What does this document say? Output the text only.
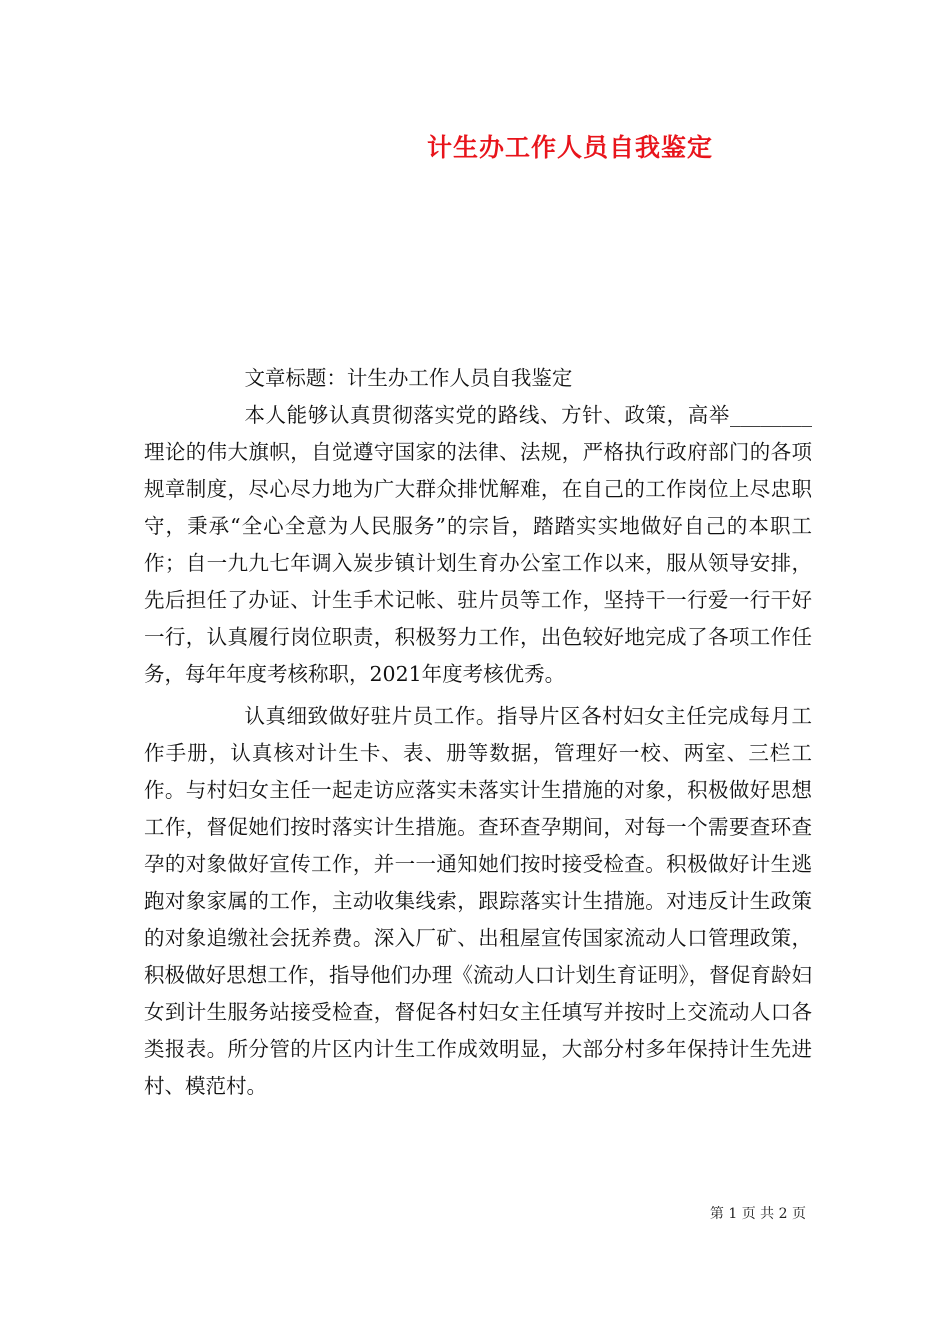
计生办工作人员自我鉴定

文章标题：计生办工作人员自我鉴定

本人能够认真贯彻落实党的路线、方针、政策，高举________理论的伟大旗帜，自觉遵守国家的法律、法规，严格执行政府部门的各项规章制度，尽心尽力地为广大群众排忧解难，在自己的工作岗位上尽忠职守，秉承“全心全意为人民服务”的宗旨，踏踏实实地做好自己的本职工作；自一九九七年调入炭步镇计划生育办公室工作以来，服从领导安排，先后担任了办证、计生手术记帐、驻片员等工作，坚持干一行爱一行干好一行，认真履行岗位职责，积极努力工作，出色较好地完成了各项工作任务，每年年度考核称职，2021年度考核优秀。

认真细致做好驻片员工作。指导片区各村妇女主任完成每月工作手册，认真核对计生卡、表、册等数据，管理好一校、两室、三栏工作。与村妇女主任一起走访应落实未落实计生措施的对象，积极做好思想工作，督促她们按时落实计生措施。查环查孕期间，对每一个需要查环查孕的对象做好宣传工作，并一一通知她们按时接受检查。积极做好计生逃跑对象家属的工作，主动收集线索，跟踪落实计生措施。对违反计生政策的对象追缴社会抚养费。深入厂矿、出租屋宣传国家流动人口管理政策，积极做好思想工作，指导他们办理《流动人口计划生育证明》，督促育龄妇女到计生服务站接受检查，督促各村妇女主任填写并按时上交流动人口各类报表。所分管的片区内计生工作成效明显，大部分村多年保持计生先进村、模范村。

第 1 页 共 2 页
